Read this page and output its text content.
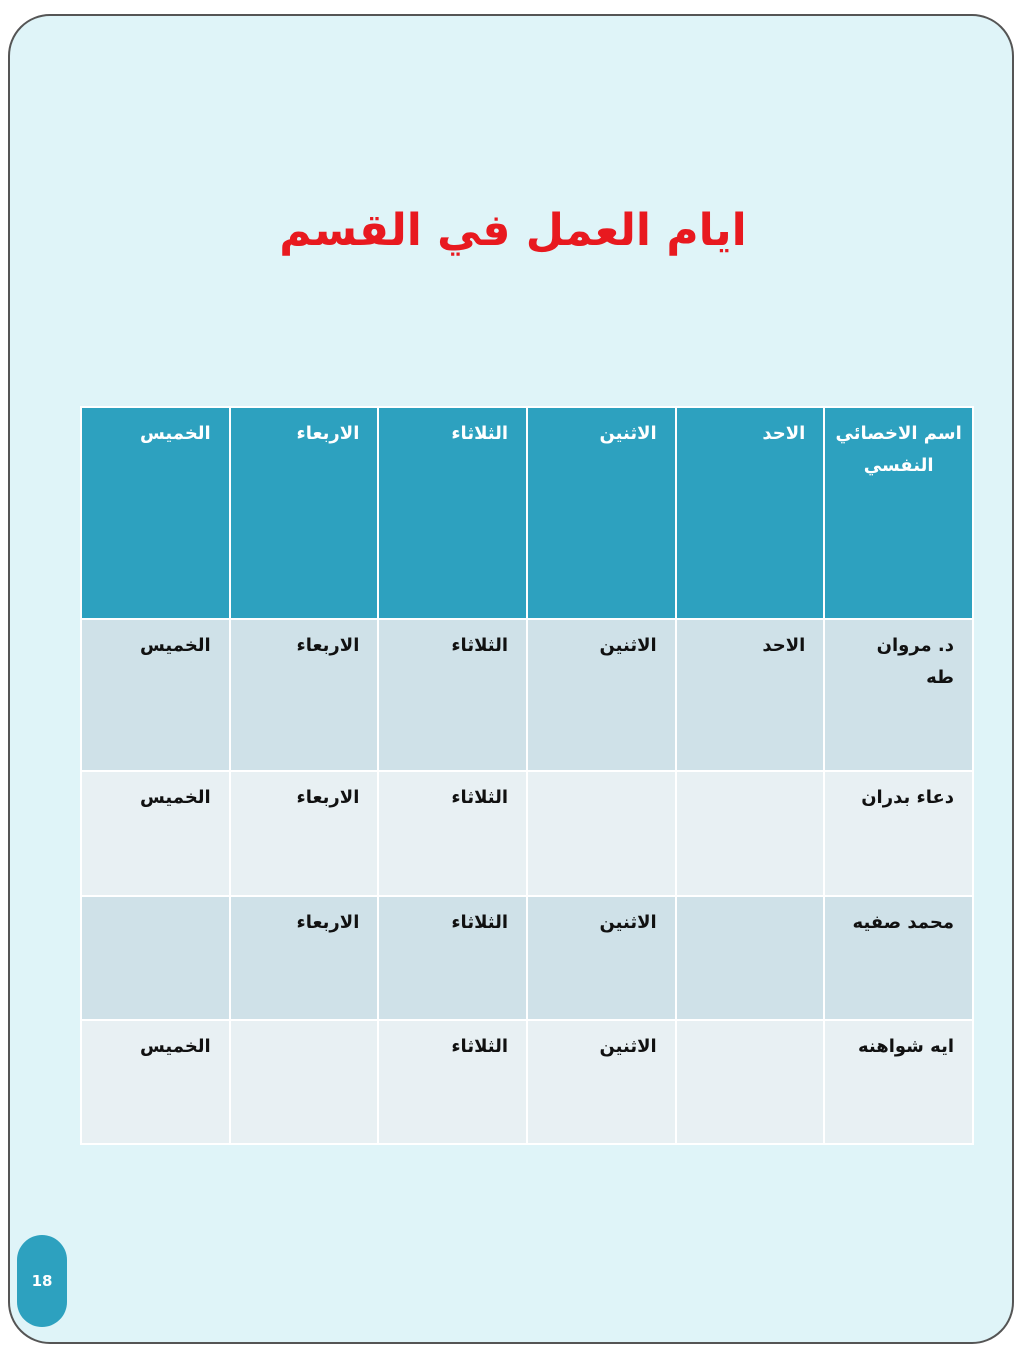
ايام العمل في القسم
اسم الاخصائي النفسي	الاحد	الاثنين	الثلاثاء	الاربعاء	الخميس
د. مروان طه	الاحد	الاثنين	الثلاثاء	الاربعاء	الخميس
دعاء بدران			الثلاثاء	الاربعاء	الخميس
محمد صفيه		الاثنين	الثلاثاء	الاربعاء	
ايه شواهنه		الاثنين	الثلاثاء		الخميس
18
